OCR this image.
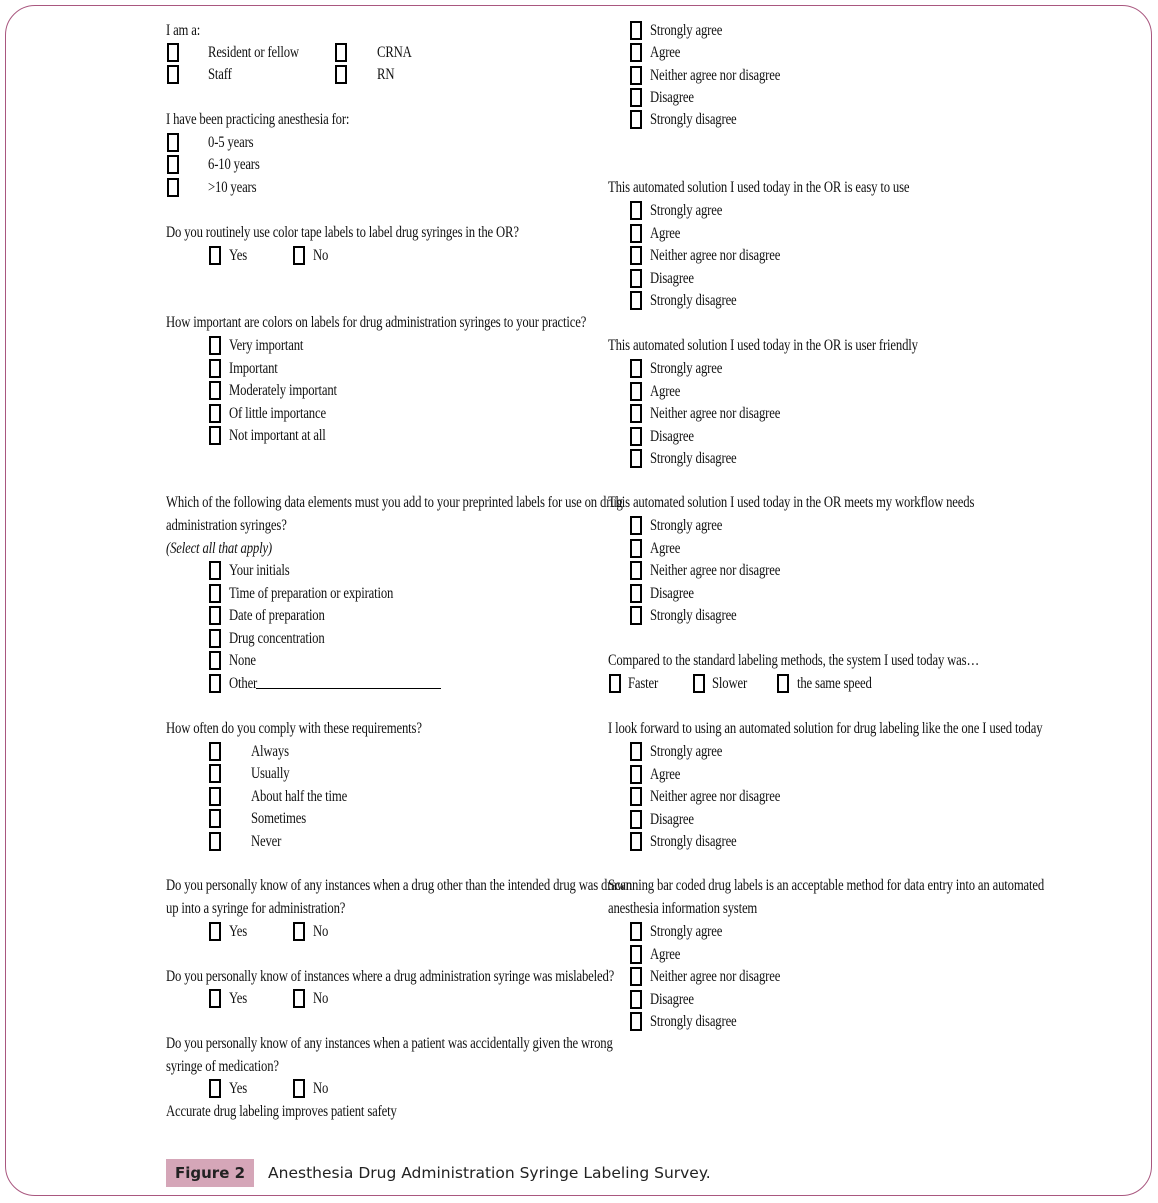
I am a:
Resident or fellow	CRNA
Staff	RN
I have been practicing anesthesia for:
0-5 years
6-10 years
>10 years
Do you routinely use color tape labels to label drug syringes in the OR?
Yes	No
How important are colors on labels for drug administration syringes to your practice?
Very important
Important
Moderately important
Of little importance
Not important at all
Which of the following data elements must you add to your preprinted labels for use on drug
administration syringes?
(Select all that apply)
Your initials
Time of preparation or expiration
Date of preparation
Drug concentration
None
Other
How often do you comply with these requirements?
Always
Usually
About half the time
Sometimes
Never
Do you personally know of any instances when a drug other than the intended drug was drawn
up into a syringe for administration?
Yes	No
Do you personally know of instances where a drug administration syringe was mislabeled?
Yes	No
Do you personally know of any instances when a patient was accidentally given the wrong
syringe of medication?
Yes	No
Accurate drug labeling improves patient safety
Strongly agree
Agree
Neither agree nor disagree
Disagree
Strongly disagree
This automated solution I used today in the OR is easy to use
Strongly agree
Agree
Neither agree nor disagree
Disagree
Strongly disagree
This automated solution I used today in the OR is user friendly
Strongly agree
Agree
Neither agree nor disagree
Disagree
Strongly disagree
This automated solution I used today in the OR meets my workflow needs
Strongly agree
Agree
Neither agree nor disagree
Disagree
Strongly disagree
Compared to the standard labeling methods, the system I used today was…
Faster	Slower	the same speed
I look forward to using an automated solution for drug labeling like the one I used today
Strongly agree
Agree
Neither agree nor disagree
Disagree
Strongly disagree
Scanning bar coded drug labels is an acceptable method for data entry into an automated
anesthesia information system
Strongly agree
Agree
Neither agree nor disagree
Disagree
Strongly disagree
Figure 2	Anesthesia Drug Administration Syringe Labeling Survey.
